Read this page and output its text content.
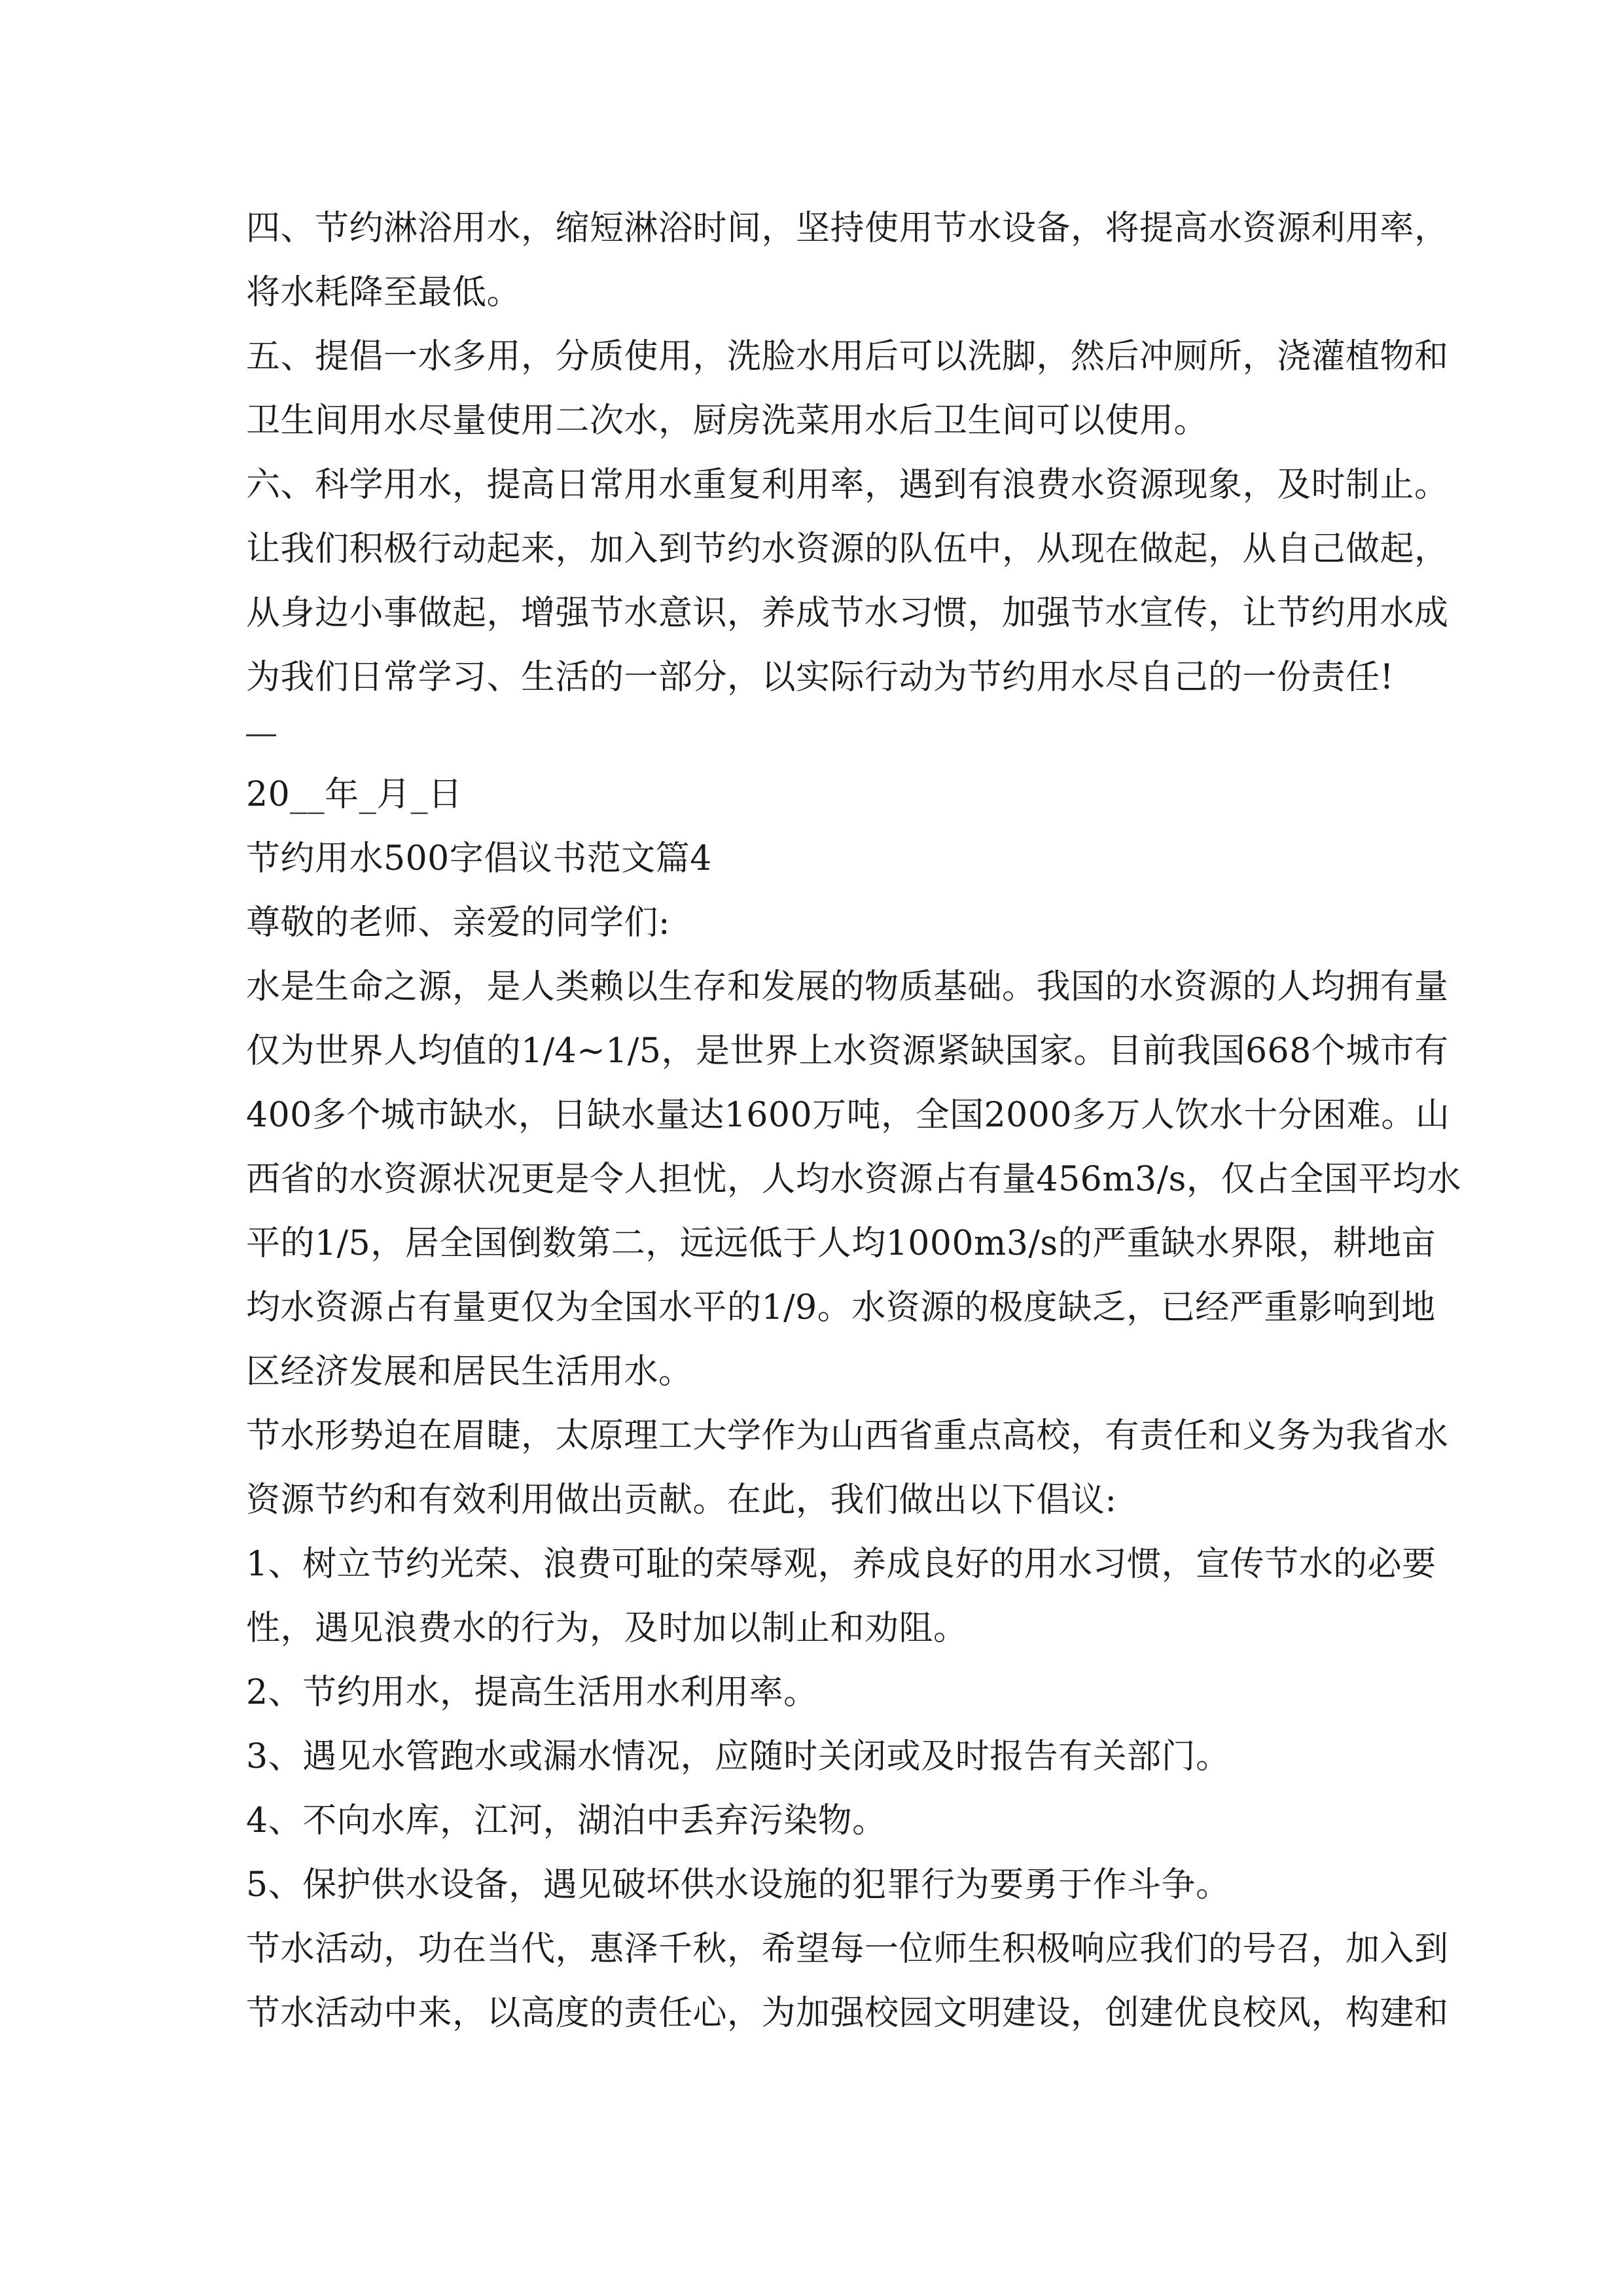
四、节约淋浴用水，缩短淋浴时间，坚持使用节水设备，将提高水资源利用率，
将水耗降至最低。
五、提倡一水多用，分质使用，洗脸水用后可以洗脚，然后冲厕所，浇灌植物和
卫生间用水尽量使用二次水，厨房洗菜用水后卫生间可以使用。
六、科学用水，提高日常用水重复利用率，遇到有浪费水资源现象，及时制止。
让我们积极行动起来，加入到节约水资源的队伍中，从现在做起，从自己做起，
从身边小事做起，增强节水意识，养成节水习惯，加强节水宣传，让节约用水成
为我们日常学习、生活的一部分，以实际行动为节约用水尽自己的一份责任!
20__年_月_日
节约用水500字倡议书范文篇4
尊敬的老师、亲爱的同学们:
水是生命之源，是人类赖以生存和发展的物质基础。我国的水资源的人均拥有量
仅为世界人均值的1/4~1/5，是世界上水资源紧缺国家。目前我国668个城市有
400多个城市缺水，日缺水量达1600万吨，全国2000多万人饮水十分困难。山
西省的水资源状况更是令人担忧，人均水资源占有量456m3/s，仅占全国平均水
平的1/5，居全国倒数第二，远远低于人均1000m3/s的严重缺水界限，耕地亩
均水资源占有量更仅为全国水平的1/9。水资源的极度缺乏，已经严重影响到地
区经济发展和居民生活用水。
节水形势迫在眉睫，太原理工大学作为山西省重点高校，有责任和义务为我省水
资源节约和有效利用做出贡献。在此，我们做出以下倡议:
1、树立节约光荣、浪费可耻的荣辱观，养成良好的用水习惯，宣传节水的必要
性，遇见浪费水的行为，及时加以制止和劝阻。
2、节约用水，提高生活用水利用率。
3、遇见水管跑水或漏水情况，应随时关闭或及时报告有关部门。
4、不向水库，江河，湖泊中丢弃污染物。
5、保护供水设备，遇见破坏供水设施的犯罪行为要勇于作斗争。
节水活动，功在当代，惠泽千秋，希望每一位师生积极响应我们的号召，加入到
节水活动中来，以高度的责任心，为加强校园文明建设，创建优良校风，构建和
